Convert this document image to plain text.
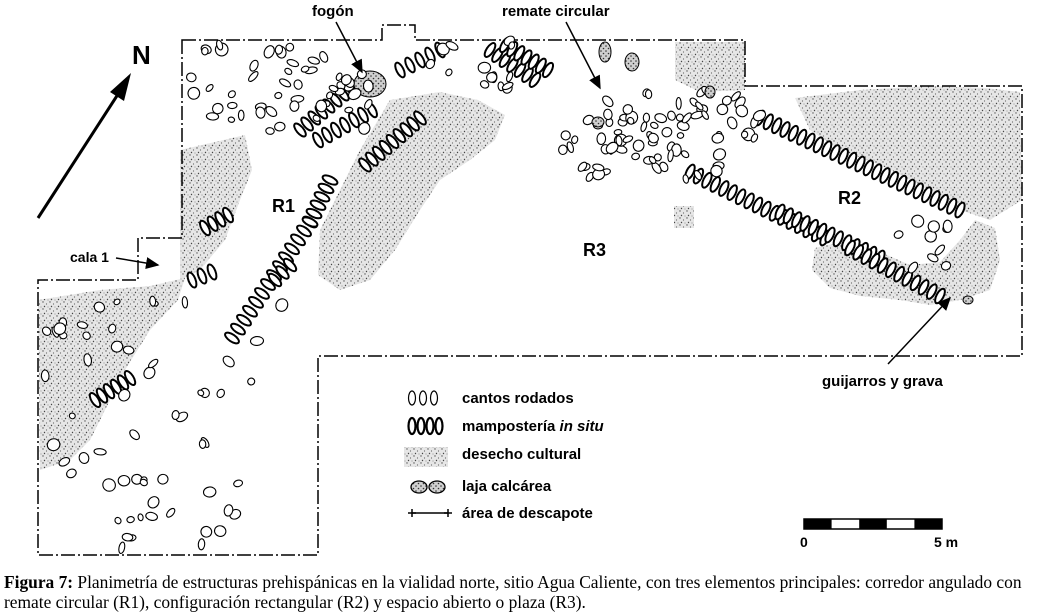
N
fogón	remate circular
R1	R2
R3
cala 1
guijarros y grava
cantos rodados
mampostería in situ
desecho cultural
laja calcárea
área de descapote
0	5 m
Figura 7: Planimetría de estructuras prehispánicas en la vialidad norte, sitio Agua Caliente, con tres elementos principales: corredor angulado con remate circular (R1), configuración rectangular (R2) y espacio abierto o plaza (R3).
